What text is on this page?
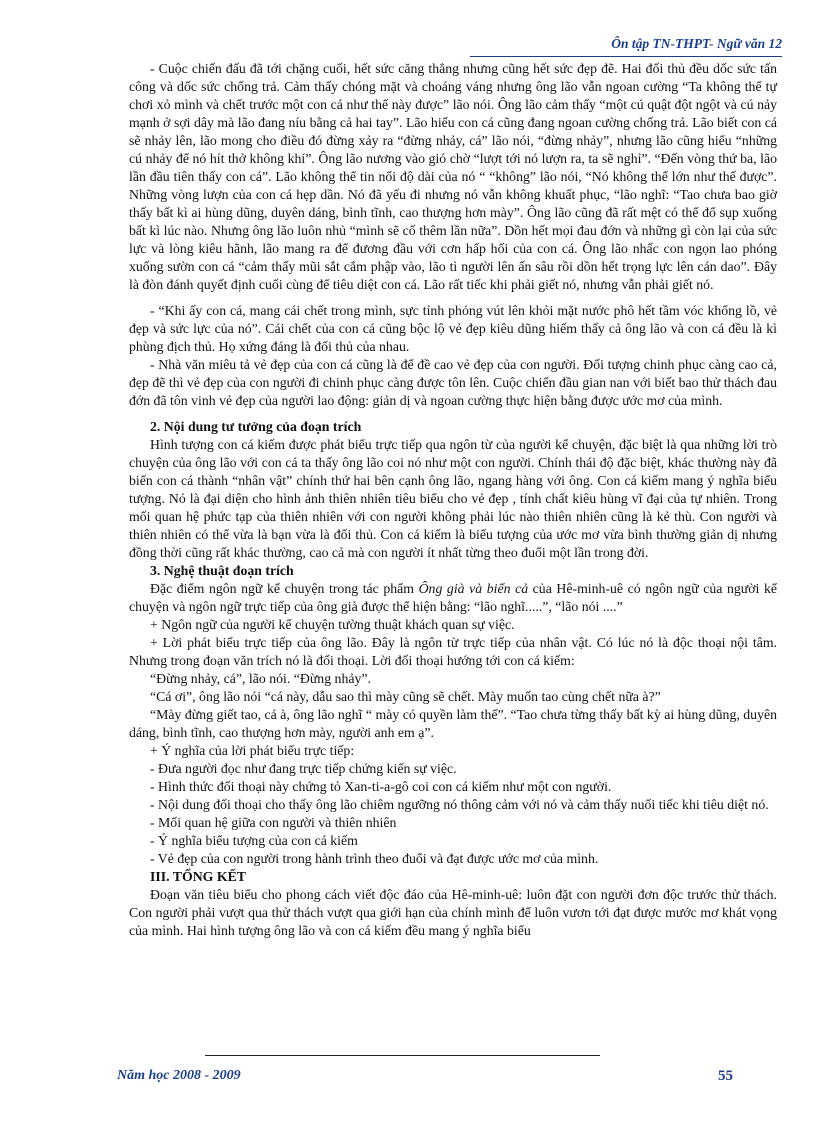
Ôn tập TN-THPT- Ngữ văn 12

- Cuộc chiến đấu đã tới chặng cuối, hết sức căng thẳng nhưng cũng hết sức đẹp đẽ. Hai đối thủ đều dốc sức tấn công và dốc sức chống trả. Cảm thấy chóng mặt và choáng váng nhưng ông lão vẫn ngoan cường “Ta không thể tự chơi xỏ mình và chết trước một con cá như thế này được” lão nói. Ông lão cảm thấy “một cú quật đột ngột và cú nảy mạnh ở sợi dây mà lão đang níu bằng cả hai tay”. Lão hiểu con cá cũng đang ngoan cường chống trả. Lão biết con cá sẽ nhảy lên, lão mong cho điều đó đừng xảy ra “đừng nhảy, cá” lão nói, “đừng nhảy”, nhưng lão cũng hiểu “những cú nhảy để nó hít thở không khí”. Ông lão nương vào gió chờ “lượt tới nó lượn ra, ta sẽ nghỉ”. “Đến vòng thứ ba, lão lần đầu tiên thấy con cá”. Lão không thể tin nổi độ dài của nó “ “không” lão nói, “Nó không thể lớn như thế được”. Những vòng lượn của con cá hẹp dần. Nó đã yếu đi nhưng nó vẫn không khuất phục, “lão nghĩ: “Tao chưa bao giờ thấy bất kì ai hùng dũng, duyên dáng, bình tĩnh, cao thượng hơn mày”. Ông lão cũng đã rất mệt có thể đổ sụp xuống bất kì lúc nào. Nhưng ông lão luôn nhủ “mình sẽ cố thêm lần nữa”. Dồn hết mọi đau đớn và những gì còn lại của sức lực và lòng kiêu hãnh, lão mang ra để đương đầu với cơn hấp hối của con cá. Ông lão nhấc con ngọn lao phóng xuống sườn con cá “cảm thấy mũi sắt cắm phập vào, lão tì người lên ấn sâu rồi dồn hết trọng lực lên cán dao”. Đây là đòn đánh quyết định cuối cùng để tiêu diệt con cá. Lão rất tiếc khi phải giết nó, nhưng vẫn phải giết nó.

- “Khi ấy con cá, mang cái chết trong mình, sực tỉnh phóng vút lên khỏi mặt nước phô hết tầm vóc khổng lồ, vẻ đẹp và sức lực của nó”. Cái chết của con cá cũng bộc lộ vẻ đẹp kiêu dũng hiếm thấy cả ông lão và con cá đều là kì phùng địch thủ. Họ xứng đáng là đối thủ của nhau.

- Nhà văn miêu tả vẻ đẹp của con cá cũng là để đề cao vẻ đẹp của con người. Đối tượng chinh phục càng cao cả, đẹp đẽ thì vẻ đẹp của con người đi chinh phục càng được tôn lên. Cuộc chiến đầu gian nan với biết bao thử thách đau đớn đã tôn vinh vẻ đẹp của người lao động: giản dị và ngoan cường thực hiện bằng được ước mơ của mình.

2. Nội dung tư tưởng của đoạn trích

Hình tượng con cá kiếm được phát biểu trực tiếp qua ngôn từ của người kể chuyện, đặc biệt là qua những lời trò chuyện của ông lão với con cá ta thấy ông lão coi nó như một con người. Chính thái độ đặc biệt, khác thường này đã biến con cá thành “nhân vật” chính thứ hai bên cạnh ông lão, ngang hàng với ông. Con cá kiếm mang ý nghĩa biểu tượng. Nó là đại diện cho hình ảnh thiên nhiên tiêu biểu cho vẻ đẹp , tính chất kiêu hùng vĩ đại của tự nhiên. Trong mối quan hệ phức tạp của thiên nhiên với con người không phải lúc nào thiên nhiên cũng là kẻ thù. Con người và thiên nhiên có thể vừa là bạn vừa là đối thủ. Con cá kiếm là biểu tượng của ước mơ vừa bình thường giản dị nhưng đồng thời cũng rất khác thường, cao cả mà con người ít nhất từng theo đuổi một lần trong đời.

3. Nghệ thuật đoạn trích

Đặc điểm ngôn ngữ kể chuyện trong tác phẩm Ông già và biển cả của Hê-minh-uê có ngôn ngữ của người kể chuyện và ngôn ngữ trực tiếp của ông già được thể hiện bằng: “lão nghĩ.....”, “lão nói ....”

+ Ngôn ngữ của người kể chuyện tường thuật khách quan sự việc.

+ Lời phát biểu trực tiếp của ông lão. Đây là ngôn từ trực tiếp của nhân vật. Có lúc nó là độc thoại nội tâm. Nhưng trong đoạn văn trích nó là đối thoại. Lời đối thoại hướng tới con cá kiếm:

“Đừng nhảy, cá”, lão nói. “Đừng nhảy”.

“Cá ơi”, ông lão nói “cá này, dẫu sao thì mày cũng sẽ chết. Mày muốn tao cùng chết nữa à?”

“Mày đừng giết tao, cá à, ông lão nghĩ “ mày có quyền làm thế”. “Tao chưa từng thấy bất kỳ ai hùng dũng, duyên dáng, bình tĩnh, cao thượng hơn mày, người anh em ạ”.

+ Ý nghĩa của lời phát biểu trực tiếp:

- Đưa người đọc như đang trực tiếp chứng kiến sự việc.

- Hình thức đối thoại này chứng tỏ Xan-ti-a-gô coi con cá kiếm như một con người.

- Nội dung đối thoại cho thấy ông lão chiêm ngưỡng nó thông cảm với nó và cảm thấy nuối tiếc khi tiêu diệt nó.

- Mối quan hệ giữa con người và thiên nhiên

- Ý nghĩa biểu tượng của con cá kiếm

- Vẻ đẹp của con người trong hành trình theo đuổi và đạt được ước mơ của mình.

III. TỔNG KẾT

Đoạn văn tiêu biểu cho phong cách viết độc đáo của Hê-minh-uê: luôn đặt con người đơn độc trước thử thách. Con người phải vượt qua thử thách vượt qua giới hạn của chính mình để luôn vươn tới đạt được mước mơ khát vọng của mình. Hai hình tượng ông lão và con cá kiếm đều mang ý nghĩa biểu

Năm học 2008 - 2009	55
